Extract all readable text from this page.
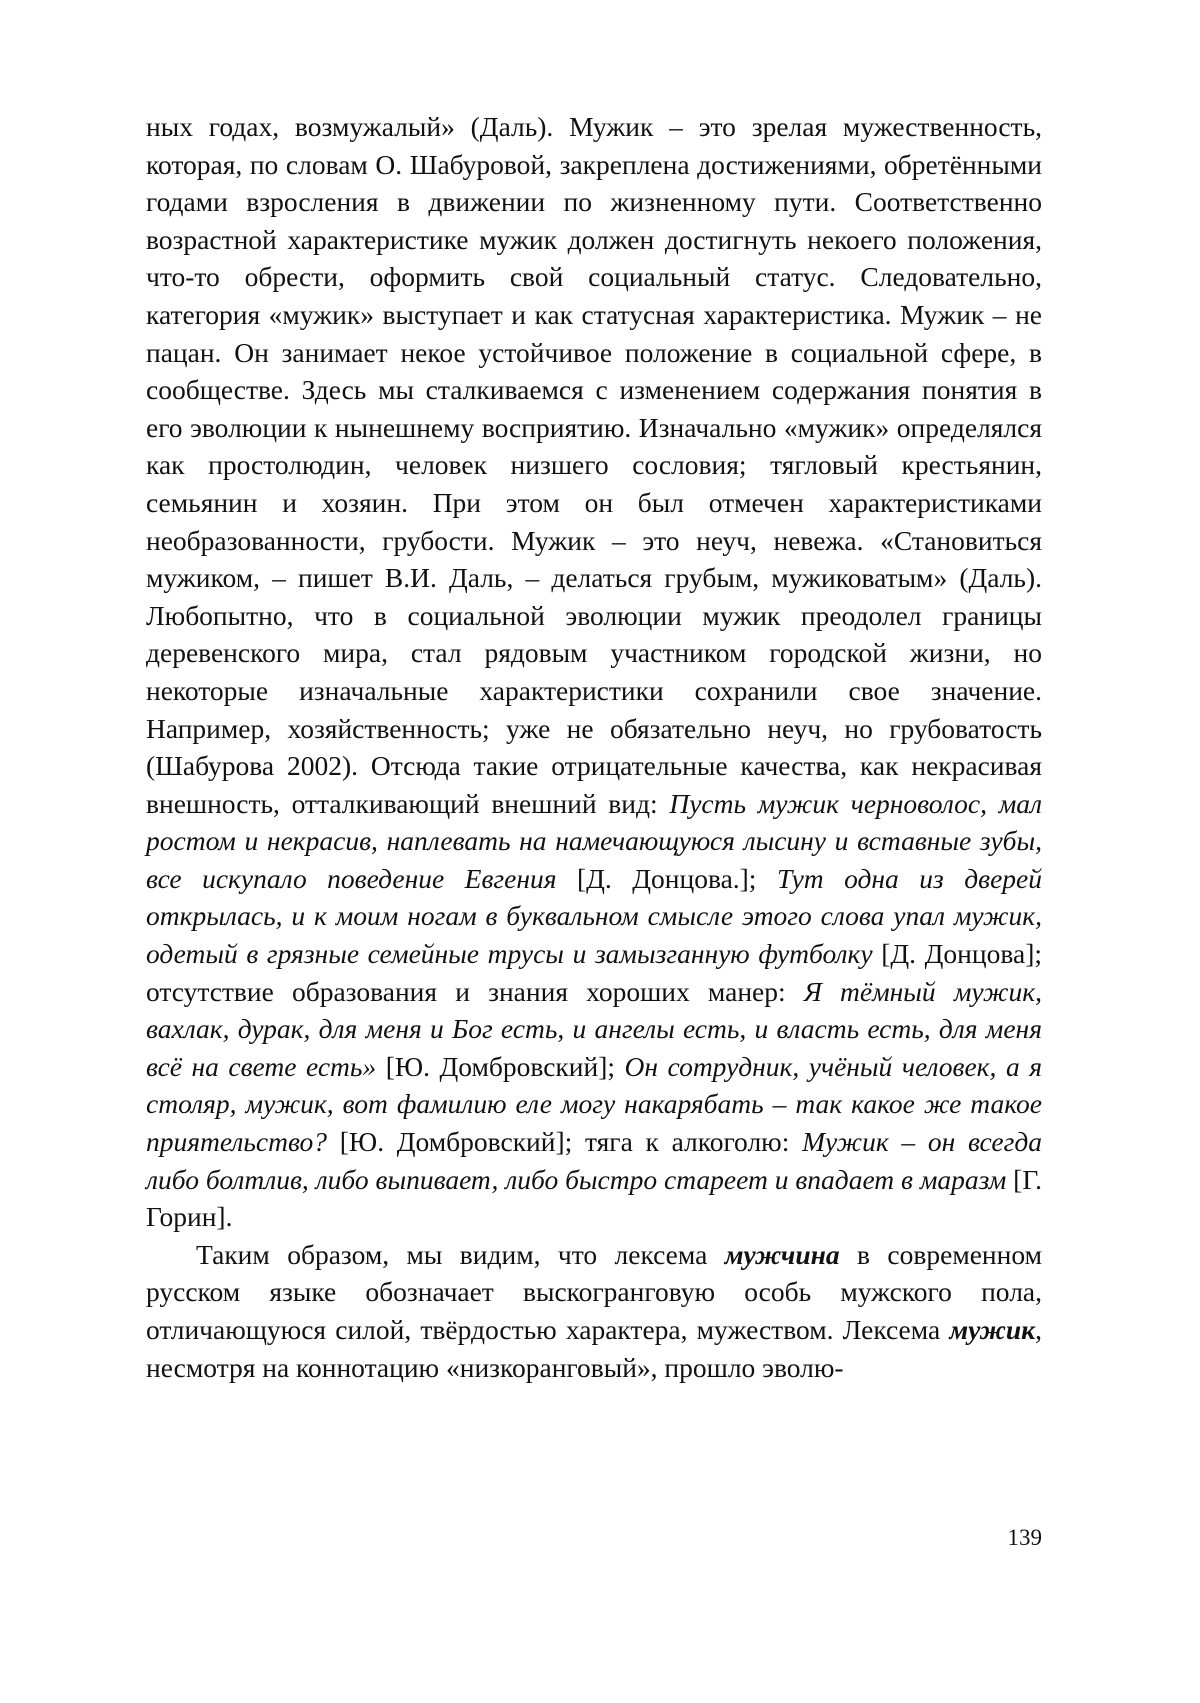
ных годах, возмужалый» (Даль). Мужик – это зрелая мужественность, которая, по словам О. Шабуровой, закреплена достижениями, обретёнными годами взросления в движении по жизненному пути. Соответственно возрастной характеристике мужик должен достигнуть некоего положения, что-то обрести, оформить свой социальный статус. Следовательно, категория «мужик» выступает и как статусная характеристика. Мужик – не пацан. Он занимает некое устойчивое положение в социальной сфере, в сообществе. Здесь мы сталкиваемся с изменением содержания понятия в его эволюции к нынешнему восприятию. Изначально «мужик» определялся как простолюдин, человек низшего сословия; тягловый крестьянин, семьянин и хозяин. При этом он был отмечен характеристиками необразованности, грубости. Мужик – это неуч, невежа. «Становиться мужиком, – пишет В.И. Даль, – делаться грубым, мужиковатым» (Даль). Любопытно, что в социальной эволюции мужик преодолел границы деревенского мира, стал рядовым участником городской жизни, но некоторые изначальные характеристики сохранили свое значение. Например, хозяйственность; уже не обязательно неуч, но грубоватость (Шабурова 2002). Отсюда такие отрицательные качества, как некрасивая внешность, отталкивающий внешний вид: Пусть мужик черноволос, мал ростом и некрасив, наплевать на намечающуюся лысину и вставные зубы, все искупало поведение Евгения [Д. Донцова.]; Тут одна из дверей открылась, и к моим ногам в буквальном смысле этого слова упал мужик, одетый в грязные семейные трусы и замызганную футболку [Д. Донцова]; отсутствие образования и знания хороших манер: Я тёмный мужик, вахлак, дурак, для меня и Бог есть, и ангелы есть, и власть есть, для меня всё на свете есть» [Ю. Домбровский]; Он сотрудник, учёный человек, а я столяр, мужик, вот фамилию еле могу накарябать – так какое же такое приятельство? [Ю. Домбровский]; тяга к алкоголю: Мужик – он всегда либо болтлив, либо выпивает, либо быстро стареет и впадает в маразм [Г. Горин].

Таким образом, мы видим, что лексема мужчина в современном русском языке обозначает выскогранговую особь мужского пола, отличающуюся силой, твёрдостью характера, мужеством. Лексема мужик, несмотря на коннотацию «низкоранговый», прошло эволю-

139
